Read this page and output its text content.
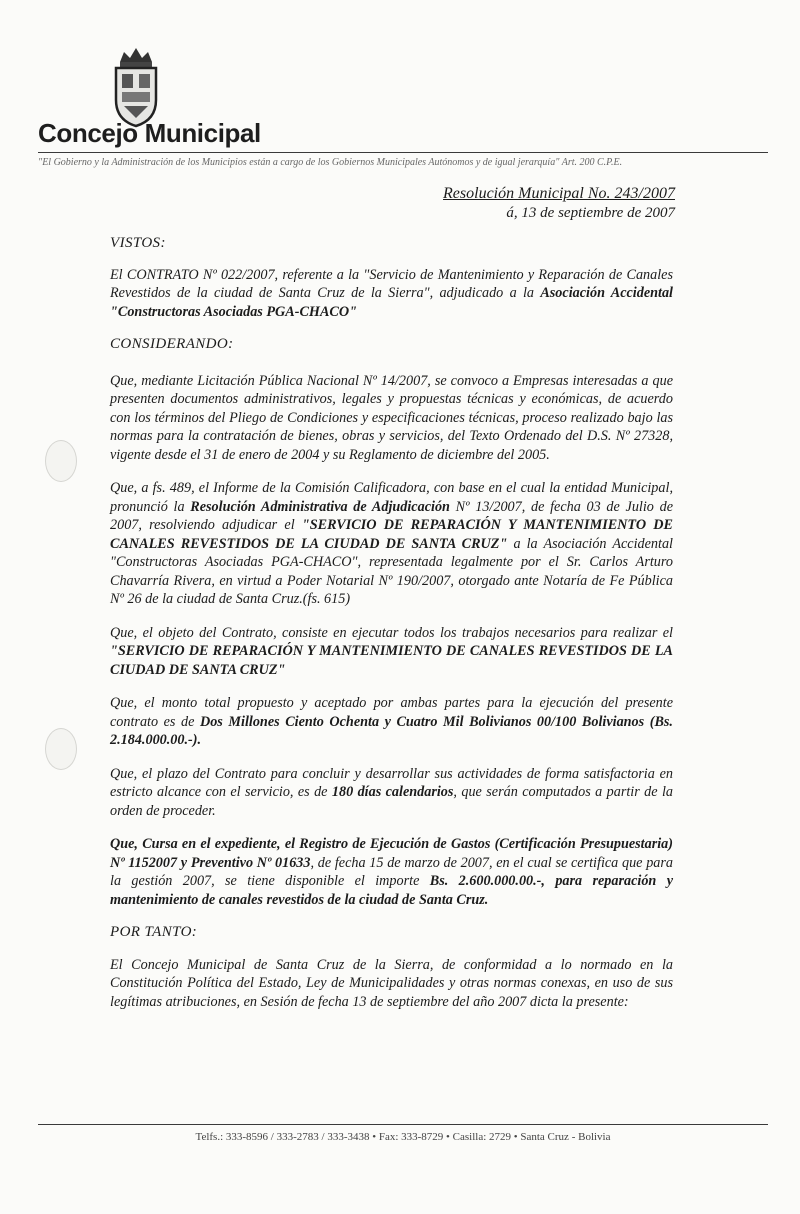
Concejo Municipal
"El Gobierno y la Administración de los Municipios están a cargo de los Gobiernos Municipales Autónomos y de igual jerarquía" Art. 200 C.P.E.
Resolución Municipal No. 243/2007
á, 13 de septiembre de 2007
VISTOS:

El CONTRATO Nº 022/2007, referente a la "Servicio de Mantenimiento y Reparación de Canales Revestidos de la ciudad de Santa Cruz de la Sierra", adjudicado a la Asociación Accidental "Constructoras Asociadas PGA-CHACO"

CONSIDERANDO:

Que, mediante Licitación Pública Nacional Nº 14/2007, se convoco a Empresas interesadas a que presenten documentos administrativos, legales y propuestas técnicas y económicas, de acuerdo con los términos del Pliego de Condiciones y especificaciones técnicas, proceso realizado bajo las normas para la contratación de bienes, obras y servicios, del Texto Ordenado del D.S. Nº 27328, vigente desde el 31 de enero de 2004 y su Reglamento de diciembre del 2005.

Que, a fs. 489, el Informe de la Comisión Calificadora, con base en el cual la entidad Municipal, pronunció la Resolución Administrativa de Adjudicación Nº 13/2007, de fecha 03 de Julio de 2007, resolviendo adjudicar el "SERVICIO DE REPARACIÓN Y MANTENIMIENTO DE CANALES REVESTIDOS DE LA CIUDAD DE SANTA CRUZ" a la Asociación Accidental "Constructoras Asociadas PGA-CHACO", representada legalmente por el Sr. Carlos Arturo Chavarría Rivera, en virtud a Poder Notarial Nº 190/2007, otorgado ante Notaría de Fe Pública Nº 26 de la ciudad de Santa Cruz.(fs. 615)

Que, el objeto del Contrato, consiste en ejecutar todos los trabajos necesarios para realizar el "SERVICIO DE REPARACIÓN Y MANTENIMIENTO DE CANALES REVESTIDOS DE LA CIUDAD DE SANTA CRUZ"

Que, el monto total propuesto y aceptado por ambas partes para la ejecución del presente contrato es de Dos Millones Ciento Ochenta y Cuatro Mil Bolivianos 00/100 Bolivianos (Bs. 2.184.000.00.-).

Que, el plazo del Contrato para concluir y desarrollar sus actividades de forma satisfactoria en estricto alcance con el servicio, es de 180 días calendarios, que serán computados a partir de la orden de proceder.

Que, Cursa en el expediente, el Registro de Ejecución de Gastos (Certificación Presupuestaria) Nº 1152007 y Preventivo Nº 01633, de fecha 15 de marzo de 2007, en el cual se certifica que para la gestión 2007, se tiene disponible el importe Bs. 2.600.000.00.-, para reparación y mantenimiento de canales revestidos de la ciudad de Santa Cruz.

POR TANTO:

El Concejo Municipal de Santa Cruz de la Sierra, de conformidad a lo normado en la Constitución Política del Estado, Ley de Municipalidades y otras normas conexas, en uso de sus legítimas atribuciones, en Sesión de fecha 13 de septiembre del año 2007 dicta la presente:

Telfs.: 333-8596 / 333-2783 / 333-3438 • Fax: 333-8729 • Casilla: 2729 • Santa Cruz - Bolivia
